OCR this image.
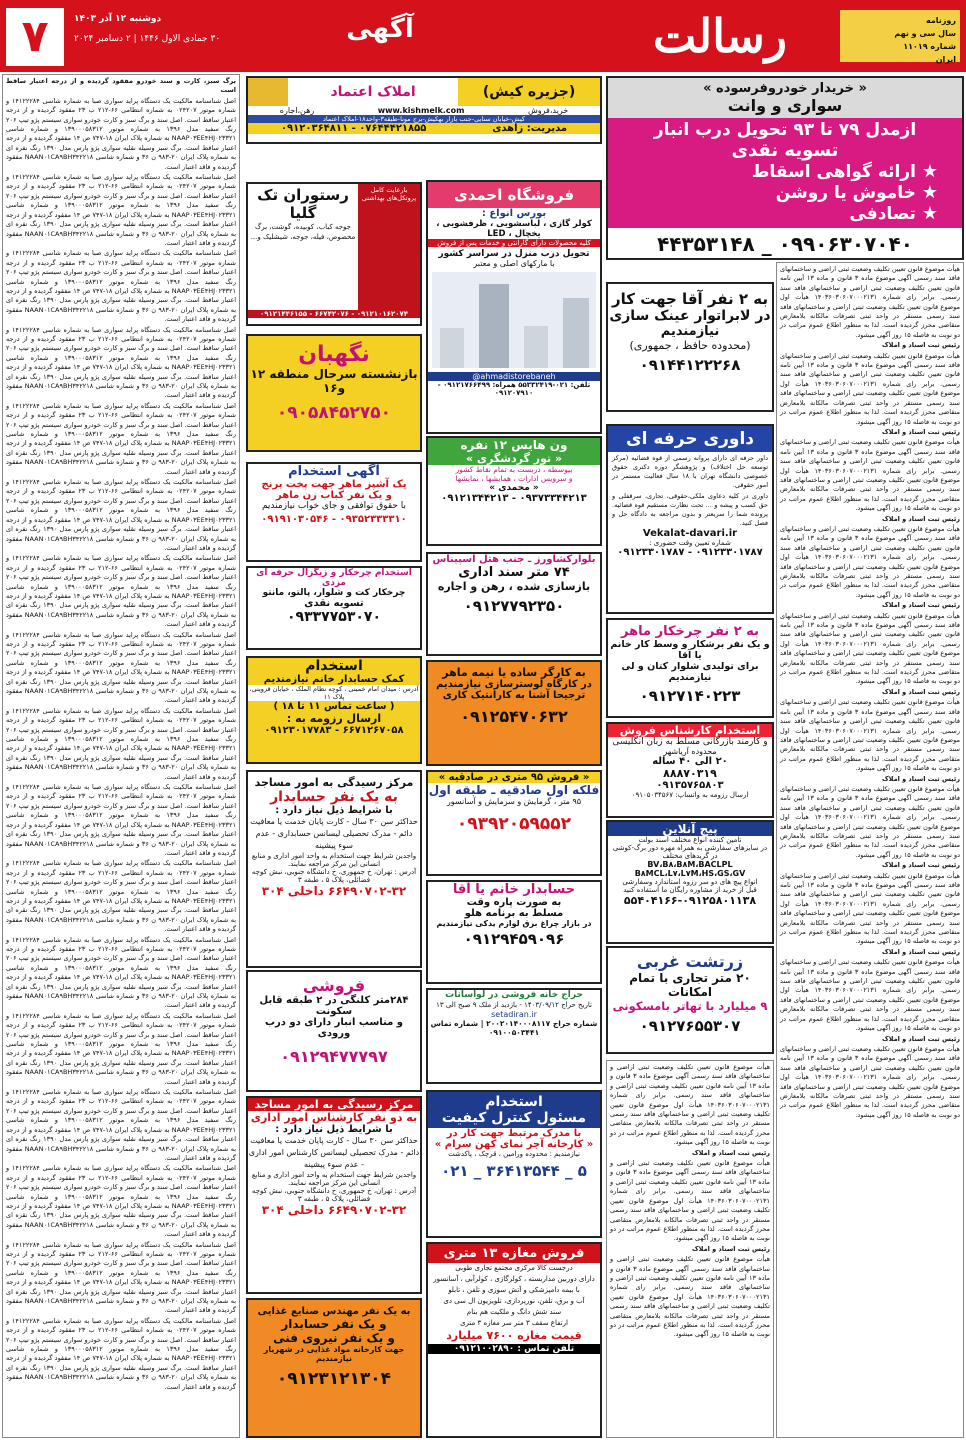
۷	دوشنبه ۱۲ آذر ۱۴۰۳
۳۰ جمادی الاول ۱۴۴۶ | ۲ دسامبر ۲۰۲۴	آگهی	رسالت	روزنامه
سال سی و نهم
شماره ۱۱۰۱۹
ایران

برگ سبز، کارت و سند خودرو مفقود گردیده و از درجه اعتبار ساقط است

اصل شناسنامه مالکیت یک دستگاه پراید سواری صبا به شماره شاسی ۱۴۱۲۲۲۸۴ و شماره موتور ۰۲۴۲۰۷ به شماره انتظامی ۶۶-۲۱۲ ب ۲۳ مفقود گردیده و از درجه اعتبار ساقط است. اصل سند و برگ سبز و کارت خودرو سواری سیستم پژو تیپ ۲۰۶ رنگ سفید مدل ۱۳۹۶ به شماره موتور ۱۳۹۰۰۰۵۸۳۱۲ و شماره شاسی NAAP۰۳EE۴HJ۰۲۳۳۲۱ به شماره پلاک ایران ۱۸-۷۴۷ ص ۱۴ مفقود گردیده و از درجه اعتبار ساقط است. برگ سبز وسیله نقلیه سواری پژو پارس مدل ۱۳۹۰ رنگ نقره ای به شماره پلاک ایران ۲۰-۹۸۳ ن ۳۶ و شماره شاسی NAAN۰۱CA۹BH۳۴۲۲۱۸ مفقود گردیده و فاقد اعتبار است.

اصل شناسنامه مالکیت یک دستگاه پراید سواری صبا به شماره شاسی ۱۴۱۲۲۲۸۴ و شماره موتور ۰۲۴۲۰۷ به شماره انتظامی ۶۶-۲۱۲ ب ۲۳ مفقود گردیده و از درجه اعتبار ساقط است. اصل سند و برگ سبز و کارت خودرو سواری سیستم پژو تیپ ۲۰۶ رنگ سفید مدل ۱۳۹۶ به شماره موتور ۱۳۹۰۰۰۵۸۳۱۲ و شماره شاسی NAAP۰۳EE۴HJ۰۲۳۳۲۱ به شماره پلاک ایران ۱۸-۷۴۷ ص ۱۴ مفقود گردیده و از درجه اعتبار ساقط است. برگ سبز وسیله نقلیه سواری پژو پارس مدل ۱۳۹۰ رنگ نقره ای به شماره پلاک ایران ۲۰-۹۸۳ ن ۳۶ و شماره شاسی NAAN۰۱CA۹BH۳۴۲۲۱۸ مفقود گردیده و فاقد اعتبار است.

اصل شناسنامه مالکیت یک دستگاه پراید سواری صبا به شماره شاسی ۱۴۱۲۲۲۸۴ و شماره موتور ۰۲۴۲۰۷ به شماره انتظامی ۶۶-۲۱۲ ب ۲۳ مفقود گردیده و از درجه اعتبار ساقط است. اصل سند و برگ سبز و کارت خودرو سواری سیستم پژو تیپ ۲۰۶ رنگ سفید مدل ۱۳۹۶ به شماره موتور ۱۳۹۰۰۰۵۸۳۱۲ و شماره شاسی NAAP۰۳EE۴HJ۰۲۳۳۲۱ به شماره پلاک ایران ۱۸-۷۴۷ ص ۱۴ مفقود گردیده و از درجه اعتبار ساقط است. برگ سبز وسیله نقلیه سواری پژو پارس مدل ۱۳۹۰ رنگ نقره ای به شماره پلاک ایران ۲۰-۹۸۳ ن ۳۶ و شماره شاسی NAAN۰۱CA۹BH۳۴۲۲۱۸ مفقود گردیده و فاقد اعتبار است.

اصل شناسنامه مالکیت یک دستگاه پراید سواری صبا به شماره شاسی ۱۴۱۲۲۲۸۴ و شماره موتور ۰۲۴۲۰۷ به شماره انتظامی ۶۶-۲۱۲ ب ۲۳ مفقود گردیده و از درجه اعتبار ساقط است. اصل سند و برگ سبز و کارت خودرو سواری سیستم پژو تیپ ۲۰۶ رنگ سفید مدل ۱۳۹۶ به شماره موتور ۱۳۹۰۰۰۵۸۳۱۲ و شماره شاسی NAAP۰۳EE۴HJ۰۲۳۳۲۱ به شماره پلاک ایران ۱۸-۷۴۷ ص ۱۴ مفقود گردیده و از درجه اعتبار ساقط است. برگ سبز وسیله نقلیه سواری پژو پارس مدل ۱۳۹۰ رنگ نقره ای به شماره پلاک ایران ۲۰-۹۸۳ ن ۳۶ و شماره شاسی NAAN۰۱CA۹BH۳۴۲۲۱۸ مفقود گردیده و فاقد اعتبار است.

اصل شناسنامه مالکیت یک دستگاه پراید سواری صبا به شماره شاسی ۱۴۱۲۲۲۸۴ و شماره موتور ۰۲۴۲۰۷ به شماره انتظامی ۶۶-۲۱۲ ب ۲۳ مفقود گردیده و از درجه اعتبار ساقط است. اصل سند و برگ سبز و کارت خودرو سواری سیستم پژو تیپ ۲۰۶ رنگ سفید مدل ۱۳۹۶ به شماره موتور ۱۳۹۰۰۰۵۸۳۱۲ و شماره شاسی NAAP۰۳EE۴HJ۰۲۳۳۲۱ به شماره پلاک ایران ۱۸-۷۴۷ ص ۱۴ مفقود گردیده و از درجه اعتبار ساقط است. برگ سبز وسیله نقلیه سواری پژو پارس مدل ۱۳۹۰ رنگ نقره ای به شماره پلاک ایران ۲۰-۹۸۳ ن ۳۶ و شماره شاسی NAAN۰۱CA۹BH۳۴۲۲۱۸ مفقود گردیده و فاقد اعتبار است.

اصل شناسنامه مالکیت یک دستگاه پراید سواری صبا به شماره شاسی ۱۴۱۲۲۲۸۴ و شماره موتور ۰۲۴۲۰۷ به شماره انتظامی ۶۶-۲۱۲ ب ۲۳ مفقود گردیده و از درجه اعتبار ساقط است. اصل سند و برگ سبز و کارت خودرو سواری سیستم پژو تیپ ۲۰۶ رنگ سفید مدل ۱۳۹۶ به شماره موتور ۱۳۹۰۰۰۵۸۳۱۲ و شماره شاسی NAAP۰۳EE۴HJ۰۲۳۳۲۱ به شماره پلاک ایران ۱۸-۷۴۷ ص ۱۴ مفقود گردیده و از درجه اعتبار ساقط است. برگ سبز وسیله نقلیه سواری پژو پارس مدل ۱۳۹۰ رنگ نقره ای به شماره پلاک ایران ۲۰-۹۸۳ ن ۳۶ و شماره شاسی NAAN۰۱CA۹BH۳۴۲۲۱۸ مفقود گردیده و فاقد اعتبار است.

اصل شناسنامه مالکیت یک دستگاه پراید سواری صبا به شماره شاسی ۱۴۱۲۲۲۸۴ و شماره موتور ۰۲۴۲۰۷ به شماره انتظامی ۶۶-۲۱۲ ب ۲۳ مفقود گردیده و از درجه اعتبار ساقط است. اصل سند و برگ سبز و کارت خودرو سواری سیستم پژو تیپ ۲۰۶ رنگ سفید مدل ۱۳۹۶ به شماره موتور ۱۳۹۰۰۰۵۸۳۱۲ و شماره شاسی NAAP۰۳EE۴HJ۰۲۳۳۲۱ به شماره پلاک ایران ۱۸-۷۴۷ ص ۱۴ مفقود گردیده و از درجه اعتبار ساقط است. برگ سبز وسیله نقلیه سواری پژو پارس مدل ۱۳۹۰ رنگ نقره ای به شماره پلاک ایران ۲۰-۹۸۳ ن ۳۶ و شماره شاسی NAAN۰۱CA۹BH۳۴۲۲۱۸ مفقود گردیده و فاقد اعتبار است.

اصل شناسنامه مالکیت یک دستگاه پراید سواری صبا به شماره شاسی ۱۴۱۲۲۲۸۴ و شماره موتور ۰۲۴۲۰۷ به شماره انتظامی ۶۶-۲۱۲ ب ۲۳ مفقود گردیده و از درجه اعتبار ساقط است. اصل سند و برگ سبز و کارت خودرو سواری سیستم پژو تیپ ۲۰۶ رنگ سفید مدل ۱۳۹۶ به شماره موتور ۱۳۹۰۰۰۵۸۳۱۲ و شماره شاسی NAAP۰۳EE۴HJ۰۲۳۳۲۱ به شماره پلاک ایران ۱۸-۷۴۷ ص ۱۴ مفقود گردیده و از درجه اعتبار ساقط است. برگ سبز وسیله نقلیه سواری پژو پارس مدل ۱۳۹۰ رنگ نقره ای به شماره پلاک ایران ۲۰-۹۸۳ ن ۳۶ و شماره شاسی NAAN۰۱CA۹BH۳۴۲۲۱۸ مفقود گردیده و فاقد اعتبار است.

اصل شناسنامه مالکیت یک دستگاه پراید سواری صبا به شماره شاسی ۱۴۱۲۲۲۸۴ و شماره موتور ۰۲۴۲۰۷ به شماره انتظامی ۶۶-۲۱۲ ب ۲۳ مفقود گردیده و از درجه اعتبار ساقط است. اصل سند و برگ سبز و کارت خودرو سواری سیستم پژو تیپ ۲۰۶ رنگ سفید مدل ۱۳۹۶ به شماره موتور ۱۳۹۰۰۰۵۸۳۱۲ و شماره شاسی NAAP۰۳EE۴HJ۰۲۳۳۲۱ به شماره پلاک ایران ۱۸-۷۴۷ ص ۱۴ مفقود گردیده و از درجه اعتبار ساقط است. برگ سبز وسیله نقلیه سواری پژو پارس مدل ۱۳۹۰ رنگ نقره ای به شماره پلاک ایران ۲۰-۹۸۳ ن ۳۶ و شماره شاسی NAAN۰۱CA۹BH۳۴۲۲۱۸ مفقود گردیده و فاقد اعتبار است.

اصل شناسنامه مالکیت یک دستگاه پراید سواری صبا به شماره شاسی ۱۴۱۲۲۲۸۴ و شماره موتور ۰۲۴۲۰۷ به شماره انتظامی ۶۶-۲۱۲ ب ۲۳ مفقود گردیده و از درجه اعتبار ساقط است. اصل سند و برگ سبز و کارت خودرو سواری سیستم پژو تیپ ۲۰۶ رنگ سفید مدل ۱۳۹۶ به شماره موتور ۱۳۹۰۰۰۵۸۳۱۲ و شماره شاسی NAAP۰۳EE۴HJ۰۲۳۳۲۱ به شماره پلاک ایران ۱۸-۷۴۷ ص ۱۴ مفقود گردیده و از درجه اعتبار ساقط است. برگ سبز وسیله نقلیه سواری پژو پارس مدل ۱۳۹۰ رنگ نقره ای به شماره پلاک ایران ۲۰-۹۸۳ ن ۳۶ و شماره شاسی NAAN۰۱CA۹BH۳۴۲۲۱۸ مفقود گردیده و فاقد اعتبار است.

اصل شناسنامه مالکیت یک دستگاه پراید سواری صبا به شماره شاسی ۱۴۱۲۲۲۸۴ و شماره موتور ۰۲۴۲۰۷ به شماره انتظامی ۶۶-۲۱۲ ب ۲۳ مفقود گردیده و از درجه اعتبار ساقط است. اصل سند و برگ سبز و کارت خودرو سواری سیستم پژو تیپ ۲۰۶ رنگ سفید مدل ۱۳۹۶ به شماره موتور ۱۳۹۰۰۰۵۸۳۱۲ و شماره شاسی NAAP۰۳EE۴HJ۰۲۳۳۲۱ به شماره پلاک ایران ۱۸-۷۴۷ ص ۱۴ مفقود گردیده و از درجه اعتبار ساقط است. برگ سبز وسیله نقلیه سواری پژو پارس مدل ۱۳۹۰ رنگ نقره ای به شماره پلاک ایران ۲۰-۹۸۳ ن ۳۶ و شماره شاسی NAAN۰۱CA۹BH۳۴۲۲۱۸ مفقود گردیده و فاقد اعتبار است.

اصل شناسنامه مالکیت یک دستگاه پراید سواری صبا به شماره شاسی ۱۴۱۲۲۲۸۴ و شماره موتور ۰۲۴۲۰۷ به شماره انتظامی ۶۶-۲۱۲ ب ۲۳ مفقود گردیده و از درجه اعتبار ساقط است. اصل سند و برگ سبز و کارت خودرو سواری سیستم پژو تیپ ۲۰۶ رنگ سفید مدل ۱۳۹۶ به شماره موتور ۱۳۹۰۰۰۵۸۳۱۲ و شماره شاسی NAAP۰۳EE۴HJ۰۲۳۳۲۱ به شماره پلاک ایران ۱۸-۷۴۷ ص ۱۴ مفقود گردیده و از درجه اعتبار ساقط است. برگ سبز وسیله نقلیه سواری پژو پارس مدل ۱۳۹۰ رنگ نقره ای به شماره پلاک ایران ۲۰-۹۸۳ ن ۳۶ و شماره شاسی NAAN۰۱CA۹BH۳۴۲۲۱۸ مفقود گردیده و فاقد اعتبار است.

اصل شناسنامه مالکیت یک دستگاه پراید سواری صبا به شماره شاسی ۱۴۱۲۲۲۸۴ و شماره موتور ۰۲۴۲۰۷ به شماره انتظامی ۶۶-۲۱۲ ب ۲۳ مفقود گردیده و از درجه اعتبار ساقط است. اصل سند و برگ سبز و کارت خودرو سواری سیستم پژو تیپ ۲۰۶ رنگ سفید مدل ۱۳۹۶ به شماره موتور ۱۳۹۰۰۰۵۸۳۱۲ و شماره شاسی NAAP۰۳EE۴HJ۰۲۳۳۲۱ به شماره پلاک ایران ۱۸-۷۴۷ ص ۱۴ مفقود گردیده و از درجه اعتبار ساقط است. برگ سبز وسیله نقلیه سواری پژو پارس مدل ۱۳۹۰ رنگ نقره ای به شماره پلاک ایران ۲۰-۹۸۳ ن ۳۶ و شماره شاسی NAAN۰۱CA۹BH۳۴۲۲۱۸ مفقود گردیده و فاقد اعتبار است.

اصل شناسنامه مالکیت یک دستگاه پراید سواری صبا به شماره شاسی ۱۴۱۲۲۲۸۴ و شماره موتور ۰۲۴۲۰۷ به شماره انتظامی ۶۶-۲۱۲ ب ۲۳ مفقود گردیده و از درجه اعتبار ساقط است. اصل سند و برگ سبز و کارت خودرو سواری سیستم پژو تیپ ۲۰۶ رنگ سفید مدل ۱۳۹۶ به شماره موتور ۱۳۹۰۰۰۵۸۳۱۲ و شماره شاسی NAAP۰۳EE۴HJ۰۲۳۳۲۱ به شماره پلاک ایران ۱۸-۷۴۷ ص ۱۴ مفقود گردیده و از درجه اعتبار ساقط است. برگ سبز وسیله نقلیه سواری پژو پارس مدل ۱۳۹۰ رنگ نقره ای به شماره پلاک ایران ۲۰-۹۸۳ ن ۳۶ و شماره شاسی NAAN۰۱CA۹BH۳۴۲۲۱۸ مفقود گردیده و فاقد اعتبار است.

اصل شناسنامه مالکیت یک دستگاه پراید سواری صبا به شماره شاسی ۱۴۱۲۲۲۸۴ و شماره موتور ۰۲۴۲۰۷ به شماره انتظامی ۶۶-۲۱۲ ب ۲۳ مفقود گردیده و از درجه اعتبار ساقط است. اصل سند و برگ سبز و کارت خودرو سواری سیستم پژو تیپ ۲۰۶ رنگ سفید مدل ۱۳۹۶ به شماره موتور ۱۳۹۰۰۰۵۸۳۱۲ و شماره شاسی NAAP۰۳EE۴HJ۰۲۳۳۲۱ به شماره پلاک ایران ۱۸-۷۴۷ ص ۱۴ مفقود گردیده و از درجه اعتبار ساقط است. برگ سبز وسیله نقلیه سواری پژو پارس مدل ۱۳۹۰ رنگ نقره ای به شماره پلاک ایران ۲۰-۹۸۳ ن ۳۶ و شماره شاسی NAAN۰۱CA۹BH۳۴۲۲۱۸ مفقود گردیده و فاقد اعتبار است.

اصل شناسنامه مالکیت یک دستگاه پراید سواری صبا به شماره شاسی ۱۴۱۲۲۲۸۴ و شماره موتور ۰۲۴۲۰۷ به شماره انتظامی ۶۶-۲۱۲ ب ۲۳ مفقود گردیده و از درجه اعتبار ساقط است. اصل سند و برگ سبز و کارت خودرو سواری سیستم پژو تیپ ۲۰۶ رنگ سفید مدل ۱۳۹۶ به شماره موتور ۱۳۹۰۰۰۵۸۳۱۲ و شماره شاسی NAAP۰۳EE۴HJ۰۲۳۳۲۱ به شماره پلاک ایران ۱۸-۷۴۷ ص ۱۴ مفقود گردیده و از درجه اعتبار ساقط است. برگ سبز وسیله نقلیه سواری پژو پارس مدل ۱۳۹۰ رنگ نقره ای به شماره پلاک ایران ۲۰-۹۸۳ ن ۳۶ و شماره شاسی NAAN۰۱CA۹BH۳۴۲۲۱۸ مفقود گردیده و فاقد اعتبار است.

اصل شناسنامه مالکیت یک دستگاه پراید سواری صبا به شماره شاسی ۱۴۱۲۲۲۸۴ و شماره موتور ۰۲۴۲۰۷ به شماره انتظامی ۶۶-۲۱۲ ب ۲۳ مفقود گردیده و از درجه اعتبار ساقط است. اصل سند و برگ سبز و کارت خودرو سواری سیستم پژو تیپ ۲۰۶ رنگ سفید مدل ۱۳۹۶ به شماره موتور ۱۳۹۰۰۰۵۸۳۱۲ و شماره شاسی NAAP۰۳EE۴HJ۰۲۳۳۲۱ به شماره پلاک ایران ۱۸-۷۴۷ ص ۱۴ مفقود گردیده و از درجه اعتبار ساقط است. برگ سبز وسیله نقلیه سواری پژو پارس مدل ۱۳۹۰ رنگ نقره ای به شماره پلاک ایران ۲۰-۹۸۳ ن ۳۶ و شماره شاسی NAAN۰۱CA۹BH۳۴۲۲۱۸ مفقود گردیده و فاقد اعتبار است.

هیأت موضوع قانون تعیین تکلیف وضعیت ثبتی اراضی و ساختمانهای فاقد سند رسمی آگهی موضوع ماده ۳ قانون و ماده ۱۳ آیین نامه قانون تعیین تکلیف وضعیت ثبتی اراضی و ساختمانهای فاقد سند رسمی. برابر رای شماره ۱۴۰۳۶۰۳۰۶۰۷۰۰۰۲۱۳۱ هیأت اول موضوع قانون تعیین تکلیف وضعیت ثبتی اراضی و ساختمانهای فاقد سند رسمی مستقر در واحد ثبتی تصرفات مالکانه بلامعارض متقاضی محرز گردیده است. لذا به منظور اطلاع عموم مراتب در دو نوبت به فاصله ۱۵ روز آگهی میشود.

رئیس ثبت اسناد و املاک

هیأت موضوع قانون تعیین تکلیف وضعیت ثبتی اراضی و ساختمانهای فاقد سند رسمی آگهی موضوع ماده ۳ قانون و ماده ۱۳ آیین نامه قانون تعیین تکلیف وضعیت ثبتی اراضی و ساختمانهای فاقد سند رسمی. برابر رای شماره ۱۴۰۳۶۰۳۰۶۰۷۰۰۰۲۱۳۱ هیأت اول موضوع قانون تعیین تکلیف وضعیت ثبتی اراضی و ساختمانهای فاقد سند رسمی مستقر در واحد ثبتی تصرفات مالکانه بلامعارض متقاضی محرز گردیده است. لذا به منظور اطلاع عموم مراتب در دو نوبت به فاصله ۱۵ روز آگهی میشود.

رئیس ثبت اسناد و املاک

هیأت موضوع قانون تعیین تکلیف وضعیت ثبتی اراضی و ساختمانهای فاقد سند رسمی آگهی موضوع ماده ۳ قانون و ماده ۱۳ آیین نامه قانون تعیین تکلیف وضعیت ثبتی اراضی و ساختمانهای فاقد سند رسمی. برابر رای شماره ۱۴۰۳۶۰۳۰۶۰۷۰۰۰۲۱۳۱ هیأت اول موضوع قانون تعیین تکلیف وضعیت ثبتی اراضی و ساختمانهای فاقد سند رسمی مستقر در واحد ثبتی تصرفات مالکانه بلامعارض متقاضی محرز گردیده است. لذا به منظور اطلاع عموم مراتب در دو نوبت به فاصله ۱۵ روز آگهی میشود.

رئیس ثبت اسناد و املاک

هیأت موضوع قانون تعیین تکلیف وضعیت ثبتی اراضی و ساختمانهای فاقد سند رسمی آگهی موضوع ماده ۳ قانون و ماده ۱۳ آیین نامه قانون تعیین تکلیف وضعیت ثبتی اراضی و ساختمانهای فاقد سند رسمی. برابر رای شماره ۱۴۰۳۶۰۳۰۶۰۷۰۰۰۲۱۳۱ هیأت اول موضوع قانون تعیین تکلیف وضعیت ثبتی اراضی و ساختمانهای فاقد سند رسمی مستقر در واحد ثبتی تصرفات مالکانه بلامعارض متقاضی محرز گردیده است. لذا به منظور اطلاع عموم مراتب در دو نوبت به فاصله ۱۵ روز آگهی میشود.

رئیس ثبت اسناد و املاک

هیأت موضوع قانون تعیین تکلیف وضعیت ثبتی اراضی و ساختمانهای فاقد سند رسمی آگهی موضوع ماده ۳ قانون و ماده ۱۳ آیین نامه قانون تعیین تکلیف وضعیت ثبتی اراضی و ساختمانهای فاقد سند رسمی. برابر رای شماره ۱۴۰۳۶۰۳۰۶۰۷۰۰۰۲۱۳۱ هیأت اول موضوع قانون تعیین تکلیف وضعیت ثبتی اراضی و ساختمانهای فاقد سند رسمی مستقر در واحد ثبتی تصرفات مالکانه بلامعارض متقاضی محرز گردیده است. لذا به منظور اطلاع عموم مراتب در دو نوبت به فاصله ۱۵ روز آگهی میشود.

رئیس ثبت اسناد و املاک

هیأت موضوع قانون تعیین تکلیف وضعیت ثبتی اراضی و ساختمانهای فاقد سند رسمی آگهی موضوع ماده ۳ قانون و ماده ۱۳ آیین نامه قانون تعیین تکلیف وضعیت ثبتی اراضی و ساختمانهای فاقد سند رسمی. برابر رای شماره ۱۴۰۳۶۰۳۰۶۰۷۰۰۰۲۱۳۱ هیأت اول موضوع قانون تعیین تکلیف وضعیت ثبتی اراضی و ساختمانهای فاقد سند رسمی مستقر در واحد ثبتی تصرفات مالکانه بلامعارض متقاضی محرز گردیده است. لذا به منظور اطلاع عموم مراتب در دو نوبت به فاصله ۱۵ روز آگهی میشود.

رئیس ثبت اسناد و املاک

هیأت موضوع قانون تعیین تکلیف وضعیت ثبتی اراضی و ساختمانهای فاقد سند رسمی آگهی موضوع ماده ۳ قانون و ماده ۱۳ آیین نامه قانون تعیین تکلیف وضعیت ثبتی اراضی و ساختمانهای فاقد سند رسمی. برابر رای شماره ۱۴۰۳۶۰۳۰۶۰۷۰۰۰۲۱۳۱ هیأت اول موضوع قانون تعیین تکلیف وضعیت ثبتی اراضی و ساختمانهای فاقد سند رسمی مستقر در واحد ثبتی تصرفات مالکانه بلامعارض متقاضی محرز گردیده است. لذا به منظور اطلاع عموم مراتب در دو نوبت به فاصله ۱۵ روز آگهی میشود.

رئیس ثبت اسناد و املاک

هیأت موضوع قانون تعیین تکلیف وضعیت ثبتی اراضی و ساختمانهای فاقد سند رسمی آگهی موضوع ماده ۳ قانون و ماده ۱۳ آیین نامه قانون تعیین تکلیف وضعیت ثبتی اراضی و ساختمانهای فاقد سند رسمی. برابر رای شماره ۱۴۰۳۶۰۳۰۶۰۷۰۰۰۲۱۳۱ هیأت اول موضوع قانون تعیین تکلیف وضعیت ثبتی اراضی و ساختمانهای فاقد سند رسمی مستقر در واحد ثبتی تصرفات مالکانه بلامعارض متقاضی محرز گردیده است. لذا به منظور اطلاع عموم مراتب در دو نوبت به فاصله ۱۵ روز آگهی میشود.

رئیس ثبت اسناد و املاک

هیأت موضوع قانون تعیین تکلیف وضعیت ثبتی اراضی و ساختمانهای فاقد سند رسمی آگهی موضوع ماده ۳ قانون و ماده ۱۳ آیین نامه قانون تعیین تکلیف وضعیت ثبتی اراضی و ساختمانهای فاقد سند رسمی. برابر رای شماره ۱۴۰۳۶۰۳۰۶۰۷۰۰۰۲۱۳۱ هیأت اول موضوع قانون تعیین تکلیف وضعیت ثبتی اراضی و ساختمانهای فاقد سند رسمی مستقر در واحد ثبتی تصرفات مالکانه بلامعارض متقاضی محرز گردیده است. لذا به منظور اطلاع عموم مراتب در دو نوبت به فاصله ۱۵ روز آگهی میشود.

رئیس ثبت اسناد و املاک

هیأت موضوع قانون تعیین تکلیف وضعیت ثبتی اراضی و ساختمانهای فاقد سند رسمی آگهی موضوع ماده ۳ قانون و ماده ۱۳ آیین نامه قانون تعیین تکلیف وضعیت ثبتی اراضی و ساختمانهای فاقد سند رسمی. برابر رای شماره ۱۴۰۳۶۰۳۰۶۰۷۰۰۰۲۱۳۱ هیأت اول موضوع قانون تعیین تکلیف وضعیت ثبتی اراضی و ساختمانهای فاقد سند رسمی مستقر در واحد ثبتی تصرفات مالکانه بلامعارض متقاضی محرز گردیده است. لذا به منظور اطلاع عموم مراتب در دو نوبت به فاصله ۱۵ روز آگهی میشود.

« خریدار خودروفرسوده »
سواری و وانت
ازمدل ۷۹ تا ۹۳ تحویل درب انبار
تسویه نقدی
★ ارائه گواهی اسقاط
★ خاموش یا روشن
★ تصادفی
۴۴۳۵۳۱۴۸ _ ۰۹۹۰۶۳۰۷۰۴۰
به ۲ نفر آقا جهت کار
در لابراتوار عینک سازی
نیازمندیم
(محدوده حافظ ، جمهوری)
۰۹۱۴۴۱۲۲۲۶۸
داوری حرفه ای
داور حرفه ای دارای پروانه رسمی از قوه قضائیه (مرکز توسعه حل اختلاف) و پژوهشگر دوره دکتری حقوق خصوصی دانشگاه تهران با ۱۸ سال فعالیت مستمر در امور حقوقی.
داوری در کلیه دعاوی ملکی،حقوقی، تجاری، سرقفلی و حق کسب و پیشه و ... تحت نظارت مستقیم قوه قضائیه. پرونده شما را سریعتر و بدون مراجعه به دادگاه حل و فصل کنید.
Vekalat-davari.ir
شماره تعیین وقت حضوری :
۰۹۱۲۳۳۰۱۷۸۷ - ۰۹۱۲۳۳۰۱۷۸۷
به ۲ نفر چرخکار ماهر
و یک نفر برشکار و وسط کار خانم یا آقا
برای تولیدی شلوار کتان و لی نیازمندیم
۰۹۱۲۷۱۴۰۲۲۳
استخدام کارشناس فروش
و کارمند بازرگانی مسلط به زبان انگلیسی
محدوده آریاشهر
۲۰ الی ۴۰ ساله
۸۸۸۷۰۳۱۹
۰۹۱۳۵۷۶۵۸۰۳
ارسال رزومه به واتساپ: ۰۹۱۰۵۰۳۴۵۶۷
پیج آنلاین
تامین کننده انواع مختلف اسند بولت
در سایزهای سفارشی به همراه مهره دور برگ-کوشی
در گریدهای مختلف
BV،B۸،B۸M،BACLPL
B۸MCL،L۷،L۷M،HS،GS،GV
انواع پیچ های دو سر رزوه استاندارد وسفارشی
قبل از خرید از مشاوره رایگان ما استفاده کنید
۵۵۴۰۴۱۶۶-۰۹۱۲۵۸۰۱۱۳۸
زرتشت غربی
۲۰ متر تجاری با تمام امکانات
۹ میلیارد با تهاتر بامسکونی
۰۹۱۲۷۶۵۵۳۰۷
(جزیره کیش)
املاک اعتماد
خرید،فروش
www.kishmelk.com
رهن،اجاره
کیش-خیابان سنایی-جنب بازار بهکیش-برج مونا-طبقه۳-واحد۱۸-املاک اعتماد
مدیریت: زاهدی
۰۹۱۲۰۳۶۴۸۱۱ - ۰۷۶۴۴۴۲۱۸۵۵
فروشگاه احمدی
بورس انواع :
کولر گازی ، لباسشویی ، ظرفشویی ، یخچال ، LED
کلیه محصولات دارای گارانتی و خدمات پس از فروش
تحویل درب منزل در سراسر کشور
با مارکهای اصلی و معتبر
@ahmadistorebaneh
تلفن: ۰۲۱-۵۵۳۳۲۴۱۹ همراه: ۰۹۱۲۱۷۶۶۴۹۹ - ۰۹۱۲۰۷۹۱۰
بارعایت کامل پروتکل‌های بهداشتی
رستوران تک گلیا
جوجه کباب، کوبیده، گوشت، برگ مخصوص، فیله، جوجه، شیشلیک و...
۰۹۱۲۱۴۴۶۱۵۵ - ۶۶۷۴۲۰۷۶ - ۰۹۱۲۱۰۱۶۲۰۷۴
نگهبان
بازنشسته سرحال منطقه ۱۲ و۱۶
۰۹۰۵۸۴۵۲۷۵۰
آگهی استخدام
یک آشپز ماهر جهت پخت برنج
و یک نفر کباب زن ماهر
با حقوق توافقی و جای خواب نیازمندیم
۰۹۱۹۱۰۳۰۵۴۶ - ۰۹۳۵۲۳۳۳۳۱۰
استخدام چرخکار و زیگزال حرفه ای مزدی
چرخکار کت و شلوار، پالتو، مانتو
تسویه نقدی
۰۹۳۳۷۷۵۳۰۷۰
استخدام
کمک حسابدار خانم نیازمندیم
آدرس : میدان امام خمینی ، کوچه نظام الملک ، خیابان قزوینی، پلاک ۱۱
( ساعت تماس ۱۱ تا ۱۸ )
ارسال رزومه به :
۰۹۱۲۳۰۱۷۷۸۳ - ۶۶۷۱۲۶۷۰۵۸
مرکز رسیدگی به امور مساجد
به یک نفر حسابدار
با شرایط ذیل نیاز دارد :
حداکثر سن ۳۰ سال - کارت پایان خدمت یا معافیت دائم - مدرک تحصیلی لیسانس حسابداری - عدم سوء پیشینه
واجدین شرایط جهت استخدام به واحد امور اداری و منابع انسانی این مرکز مراجعه نمایند.
آدرس : تهران، خ جمهوری، خ دانشگاه جنوبی، نبش کوچه فضائلی، پلاک ۵ ، طبقه ۳
۶۶۴۹۰۷۰۲-۳۲ داخلی ۳۰۴
فروشی
۲۸۴متر کلنگی در ۲ طبقه قابل سکونت
و مناسب انبار دارای دو درب ورودی
۰۹۱۲۹۴۷۷۷۹۷
مرکز رسیدگی به امور مساجد
به دو نفر کارشناس امور اداری
با شرایط ذیل نیاز دارد :
حداکثر سن ۳۰ سال - کارت پایان خدمت یا معافیت دائم - مدرک تحصیلی لیسانس کارشناس امور اداری - عدم سوء پیشینه
واجدین شرایط جهت استخدام به واحد امور اداری و منابع انسانی این مرکز مراجعه نمایند.
آدرس : تهران، خ جمهوری، خ دانشگاه جنوبی، نبش کوچه فضائلی، پلاک ۵ ، طبقه ۳
۶۶۴۹۰۷۰۲-۳۲ داخلی ۳۰۴
به یک نفر مهندس صنایع غذایی
و یک نفر حسابدار
و یک نفر نیروی فنی
جهت کارخانه مواد غذایی در شهریار نیازمندیم
۰۹۱۲۳۱۲۱۳۰۴
ون هایس ۱۲ نفره
« تور گردشگری »
بیوسطه ، دربست به تمام نقاط کشور
و سرویس ادارات ، همایشها ، نمایشها
« محمدی »
۰۹۱۲۱۳۴۴۲۱۳ - ۰۹۳۷۳۳۴۴۲۱۳
بلوارکشاورز ـ جنب هتل اسپیناس
۷۴ متر سند اداری
بازسازی شده ، رهن و اجاره
۰۹۱۲۷۷۹۲۳۵۰
به کارگر ساده یا نیمه ماهر
در کارگاه لوسترسازی نیازمندیم
ترجیحا آشنا به کارانتیک کاری
۰۹۱۲۵۴۷۰۶۳۲
« فروش ۹۵ متری در صادقیه »
فلکه اول صادقیه ـ طبقه اول
۹۵ متر ، گرمایش و سرمایش و آسانسور
۰۹۳۹۲۰۵۹۵۵۲
حسابدار خانم یا آقا
به صورت پاره وقت
مسلط به برنامه هلو
در بازار چراغ برق لوازم یدکی نیازمندیم
۰۹۱۲۹۴۵۹۰۹۶
حراج خانه فروشی در لواسانات
تاریخ حراج ۱۴۰۳/۰۹/۱۲ - بازدید از ملک ۹ صبح الی ۱۳
setadiran.ir
شماره حراج ۲۰۰۲۰۱۴۰۰۰۸۱۱۷ | شماره تماس ۰۹۱۰۰۵۰۳۴۴۱
استخدام
مسئول کنترل کیفیت
با مدرک مرتبط جهت کار در
« کارخانه آجر نمای کهن سرام »
نیازمندیم : محدوده ورامین ، قرچک ، پاکدشت
۰۲۱ _ ۳۶۴۱۳۵۴۴ _ ۵
فروش مغازه ۱۳ متری
درجست کالا مرکزی مجتمع تجاری طوبی
دارای دوربین مداربسته ، کولرگازی ، کولرآبی ، آسانسور
با بیمه دامپزشکی و آتش سوزی و تلفن ، تابلو
آب و برق، تلفن، نورپردازی، تلویزیون ال سی دی
سند شش دانگ و ملکیت هم بنام
ارتفاع سقف ۳ متر سر مغازه ۳ متری
قیمت مغازه ۷۶۰۰ میلیارد
تلفن تماس : ۰۹۱۲۱۰۰۲۸۹۰

هیأت موضوع قانون تعیین تکلیف وضعیت ثبتی اراضی و ساختمانهای فاقد سند رسمی آگهی موضوع ماده ۳ قانون و ماده ۱۳ آیین نامه قانون تعیین تکلیف وضعیت ثبتی اراضی و ساختمانهای فاقد سند رسمی. برابر رای شماره ۱۴۰۳۶۰۳۰۶۰۷۰۰۰۲۱۳۱ هیأت اول موضوع قانون تعیین تکلیف وضعیت ثبتی اراضی و ساختمانهای فاقد سند رسمی مستقر در واحد ثبتی تصرفات مالکانه بلامعارض متقاضی محرز گردیده است. لذا به منظور اطلاع عموم مراتب در دو نوبت به فاصله ۱۵ روز آگهی میشود.

رئیس ثبت اسناد و املاک

هیأت موضوع قانون تعیین تکلیف وضعیت ثبتی اراضی و ساختمانهای فاقد سند رسمی آگهی موضوع ماده ۳ قانون و ماده ۱۳ آیین نامه قانون تعیین تکلیف وضعیت ثبتی اراضی و ساختمانهای فاقد سند رسمی. برابر رای شماره ۱۴۰۳۶۰۳۰۶۰۷۰۰۰۲۱۳۱ هیأت اول موضوع قانون تعیین تکلیف وضعیت ثبتی اراضی و ساختمانهای فاقد سند رسمی مستقر در واحد ثبتی تصرفات مالکانه بلامعارض متقاضی محرز گردیده است. لذا به منظور اطلاع عموم مراتب در دو نوبت به فاصله ۱۵ روز آگهی میشود.

رئیس ثبت اسناد و املاک

هیأت موضوع قانون تعیین تکلیف وضعیت ثبتی اراضی و ساختمانهای فاقد سند رسمی آگهی موضوع ماده ۳ قانون و ماده ۱۳ آیین نامه قانون تعیین تکلیف وضعیت ثبتی اراضی و ساختمانهای فاقد سند رسمی. برابر رای شماره ۱۴۰۳۶۰۳۰۶۰۷۰۰۰۲۱۳۱ هیأت اول موضوع قانون تعیین تکلیف وضعیت ثبتی اراضی و ساختمانهای فاقد سند رسمی مستقر در واحد ثبتی تصرفات مالکانه بلامعارض متقاضی محرز گردیده است. لذا به منظور اطلاع عموم مراتب در دو نوبت به فاصله ۱۵ روز آگهی میشود.
